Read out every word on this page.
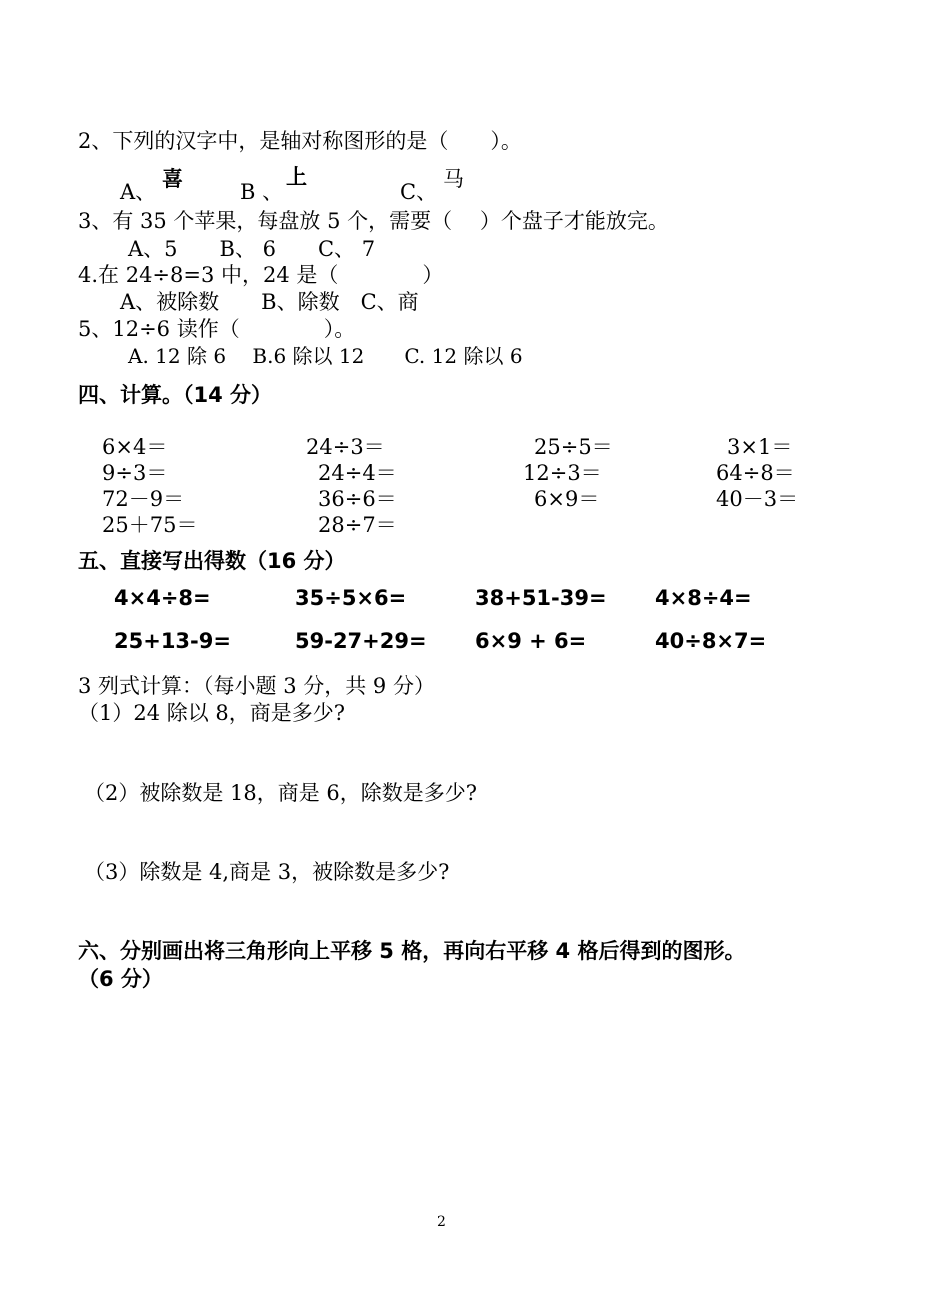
2、下列的汉字中，是轴对称图形的是（　　）。
A、
喜
B 、
上
C、
马
3、有 35 个苹果，每盘放 5 个，需要（　 ）个盘子才能放完。
A、5　　B、 6　　C、 7
4.在 24÷8=3 中，24 是（　　　　）
A、被除数　　B、除数　C、商
5、12÷6 读作（　　　　）。
A. 12 除 6　 B.6 除以 12　　C. 12 除以 6
四、计算。（14 分）
6×4＝	24÷3＝	25÷5＝	3×1＝
9÷3＝	24÷4＝	12÷3＝	64÷8＝
72－9＝	36÷6＝	6×9＝	40－3＝
25＋75＝	28÷7＝
五、直接写出得数（16 分）
4×4÷8=	35÷5×6=	38+51-39= 4×8÷4=
25+13-9=	59-27+29= 6×9 + 6=	40÷8×7=
3 列式计算：（每小题 3 分，共 9 分）
（1）24 除以 8，商是多少?
（2）被除数是 18，商是 6，除数是多少?
（3）除数是 4,商是 3，被除数是多少?
六、分别画出将三角形向上平移 5 格，再向右平移 4 格后得到的图形。
（6 分）
2
